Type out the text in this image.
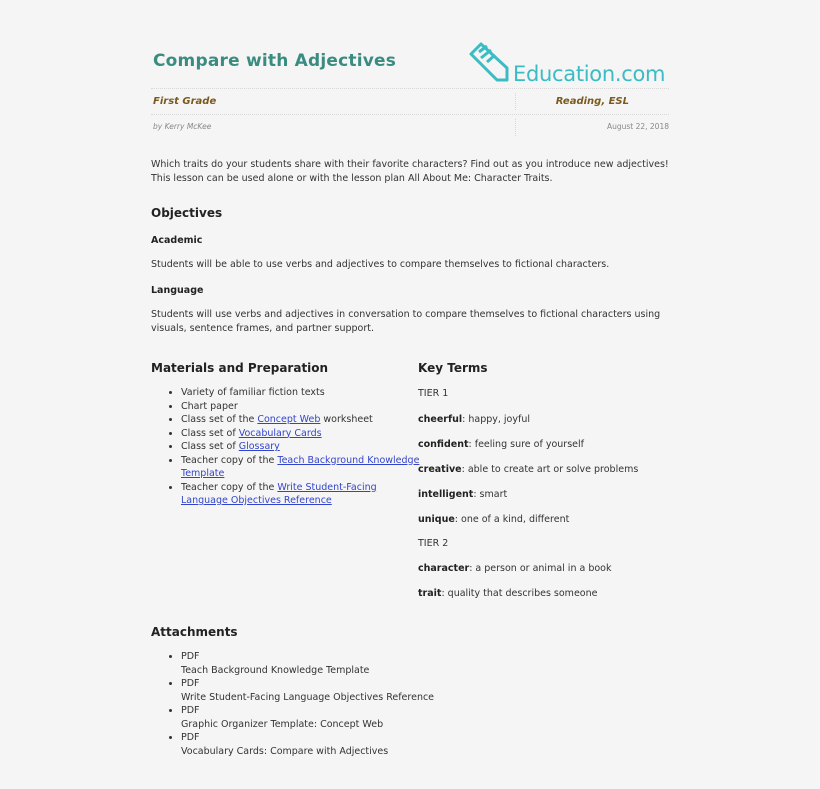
Compare with Adjectives
Education.com
First Grade	Reading, ESL
by Kerry McKee	August 22, 2018
Which traits do your students share with their favorite characters? Find out as you introduce new adjectives!
This lesson can be used alone or with the lesson plan All About Me: Character Traits.
Objectives
Academic
Students will be able to use verbs and adjectives to compare themselves to fictional characters.
Language
Students will use verbs and adjectives in conversation to compare themselves to fictional characters using
visuals, sentence frames, and partner support.
Materials and Preparation
• Variety of familiar fiction texts
• Chart paper
• Class set of the Concept Web worksheet
• Class set of Vocabulary Cards
• Class set of Glossary
• Teacher copy of the Teach Background Knowledge Template
• Teacher copy of the Write Student-Facing Language Objectives Reference
Key Terms
TIER 1
cheerful: happy, joyful
confident: feeling sure of yourself
creative: able to create art or solve problems
intelligent: smart
unique: one of a kind, different
TIER 2
character: a person or animal in a book
trait: quality that describes someone
Attachments
• PDF
Teach Background Knowledge Template
• PDF
Write Student-Facing Language Objectives Reference
• PDF
Graphic Organizer Template: Concept Web
• PDF
Vocabulary Cards: Compare with Adjectives
